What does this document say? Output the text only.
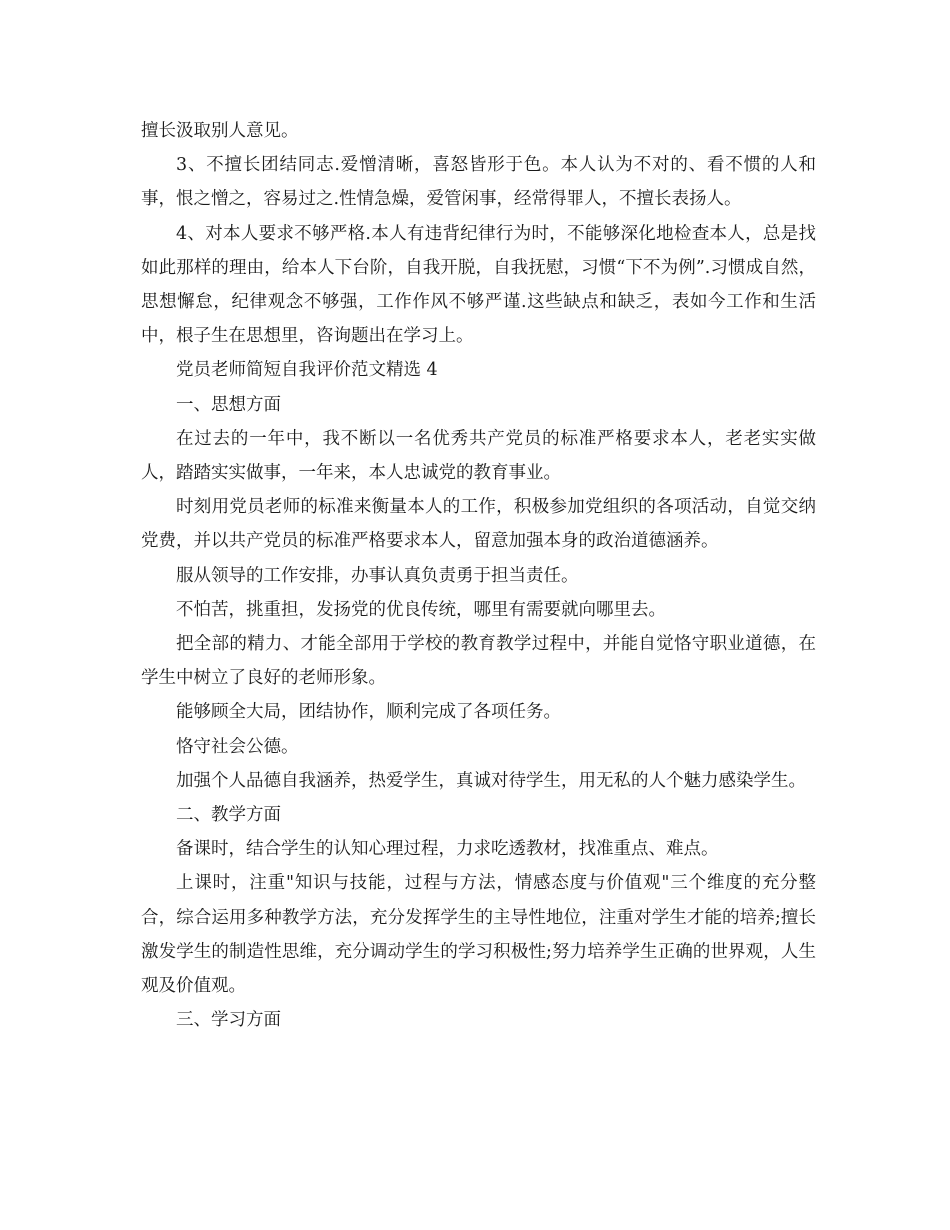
擅长汲取别人意见。

3、不擅长团结同志.爱憎清晰，喜怒皆形于色。本人认为不对的、看不惯的人和事，恨之憎之，容易过之.性情急燥，爱管闲事，经常得罪人，不擅长表扬人。

4、对本人要求不够严格.本人有违背纪律行为时，不能够深化地检查本人，总是找如此那样的理由，给本人下台阶，自我开脱，自我抚慰，习惯“下不为例”.习惯成自然，思想懈怠，纪律观念不够强，工作作风不够严谨.这些缺点和缺乏，表如今工作和生活中，根子生在思想里，咨询题出在学习上。

党员老师简短自我评价范文精选 4

一、思想方面

在过去的一年中，我不断以一名优秀共产党员的标准严格要求本人，老老实实做人，踏踏实实做事，一年来，本人忠诚党的教育事业。

时刻用党员老师的标准来衡量本人的工作，积极参加党组织的各项活动，自觉交纳党费，并以共产党员的标准严格要求本人，留意加强本身的政治道德涵养。

服从领导的工作安排，办事认真负责勇于担当责任。

不怕苦，挑重担，发扬党的优良传统，哪里有需要就向哪里去。

把全部的精力、才能全部用于学校的教育教学过程中，并能自觉恪守职业道德，在学生中树立了良好的老师形象。

能够顾全大局，团结协作，顺利完成了各项任务。

恪守社会公德。

加强个人品德自我涵养，热爱学生，真诚对待学生，用无私的人个魅力感染学生。

二、教学方面

备课时，结合学生的认知心理过程，力求吃透教材，找准重点、难点。

上课时，注重"知识与技能，过程与方法，情感态度与价值观"三个维度的充分整合，综合运用多种教学方法，充分发挥学生的主导性地位，注重对学生才能的培养;擅长激发学生的制造性思维，充分调动学生的学习积极性;努力培养学生正确的世界观，人生观及价值观。

三、学习方面
